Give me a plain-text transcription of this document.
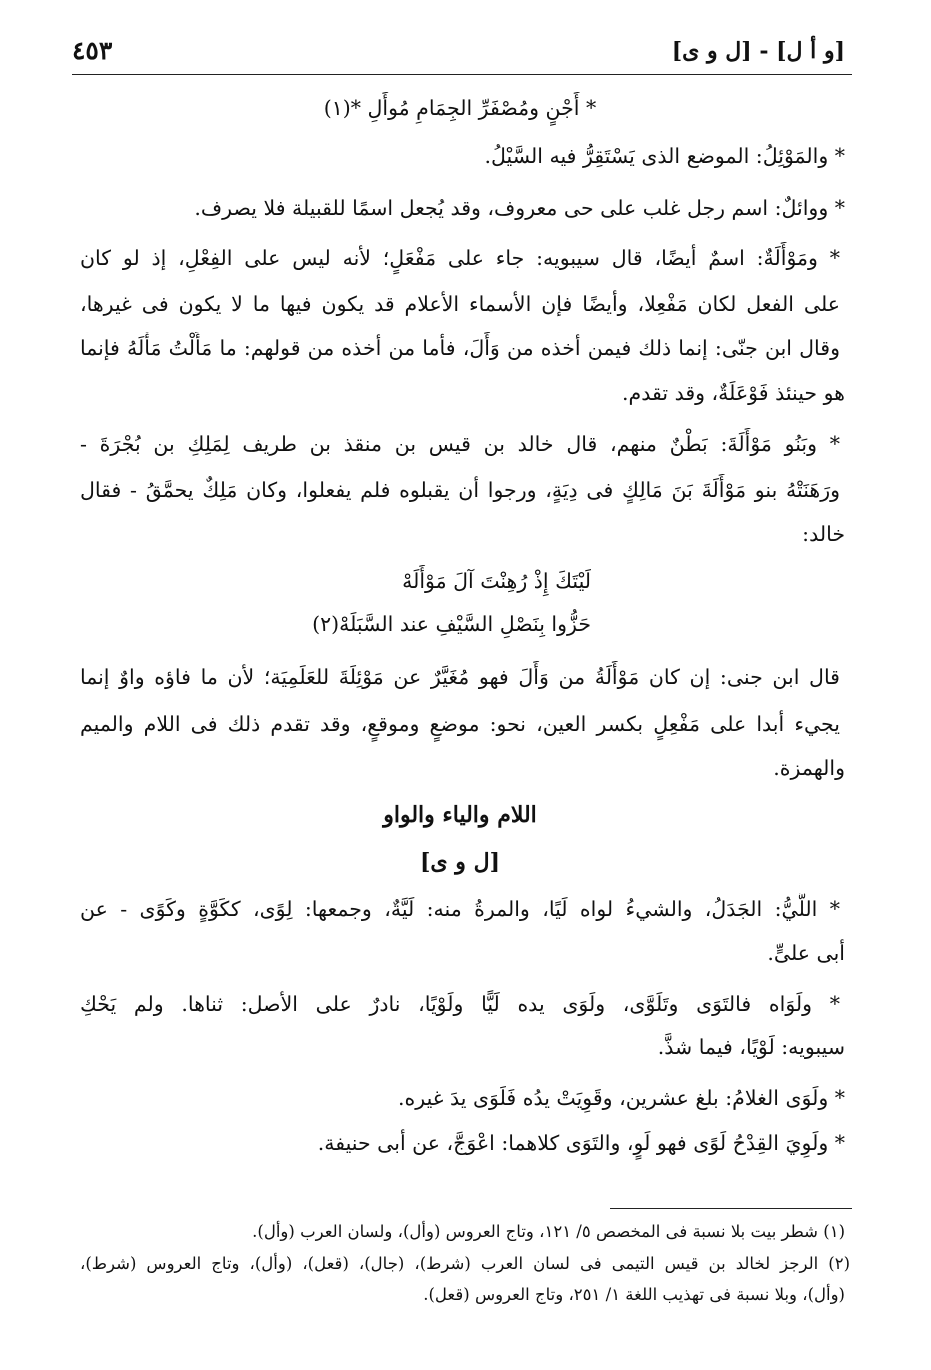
٤٥٣	[و أ ل] - [ل و ى]
* أَجْنٍ ومُصْفَرِّ الجِمَامِ مُوأَلِ *(١)
* والمَوْئِلُ: الموضع الذى يَسْتَقِرُّ فيه السَّيْلُ.
* ووائلٌ: اسم رجل غلب على حى معروف، وقد يُجعل اسمًا للقبيلة فلا يصرف.
* ومَوْأَلَةٌ: اسمٌ أيضًا، قال سيبويه: جاء على مَفْعَلٍ؛ لأنه ليس على الفِعْلِ، إذ لو كان
على الفعل لكان مَفْعِلا، وأيضًا فإن الأسماء الأعلام قد يكون فيها ما لا يكون فى غيرها،
وقال ابن جنّى: إنما ذلك فيمن أخذه من وَأَلَ، فأما من أخذه من قولهم: ما مَأَلْتُ مَأْلَهُ فإنما
هو حينئذ فَوْعَلَةٌ، وقد تقدم.
* وبَنُو مَوْأَلَةَ: بَطْنٌ منهم، قال خالد بن قيس بن منقذ بن طريف لِمَلِكِ بن بُجْرَةَ -
ورَهَنَتْهُ بنو مَوْأَلَةَ بَنَ مَالِكٍ فى دِيَةٍ، ورجوا أن يقبلوه فلم يفعلوا، وكان مَلِكٌ يحمَّقُ - فقال
خالد:
لَيْتَكَ إِذْ رُهِنْتَ آلَ مَوْأَلَهْ
حَزُّوا بِنَصْلِ السَّيْفِ عند السَّبَلَهْ(٢)
قال ابن جنى: إن كان مَوْأَلَةُ من وَأَلَ فهو مُغَيَّرٌ عن مَوْئِلَةَ للعَلَمِيَة؛ لأن ما فاؤه واوٌ إنما
يجيء أبدا على مَفْعِلٍ بكسر العين، نحو: موضعٍ وموقعٍ، وقد تقدم ذلك فى اللام والميم
والهمزة.
اللام والياء والواو
[ل و ى]
* اللَّيُّ: الجَدَلُ، والشيءُ لواه لَيًا، والمرةُ منه: لَيَّةٌ، وجمعها: لِوًى، ككَوَّةٍ وكَوًى - عن
أبى علىٍّ.
* ولَوَاه فالتَوَى وتَلَوَّى، ولَوَى يده لَيًّا ولَوْيًا، نادرٌ على الأصل: ثناها. ولم يَحْكِ
سيبويه: لَوْيًا، فيما شذَّ.
* ولَوَى الغلامُ: بلغ عشرين، وقَوِيَتْ يدُه فَلَوَى يدَ غيره.
* ولَوِيَ القِدْحُ لَوًى فهو لَوٍ، والتَوَى كلاهما: اعْوَجَّ، عن أبى حنيفة.
(١) شطر بيت بلا نسبة فى المخصص ٥/ ١٢١، وتاج العروس (وأل)، ولسان العرب (وأل).
(٢) الرجز لخالد بن قيس التيمى فى لسان العرب (شرط)، (جال)، (قعل)، (وأل)، وتاج العروس (شرط)،
(وأل)، وبلا نسبة فى تهذيب اللغة ١/ ٢٥١، وتاج العروس (قعل).
